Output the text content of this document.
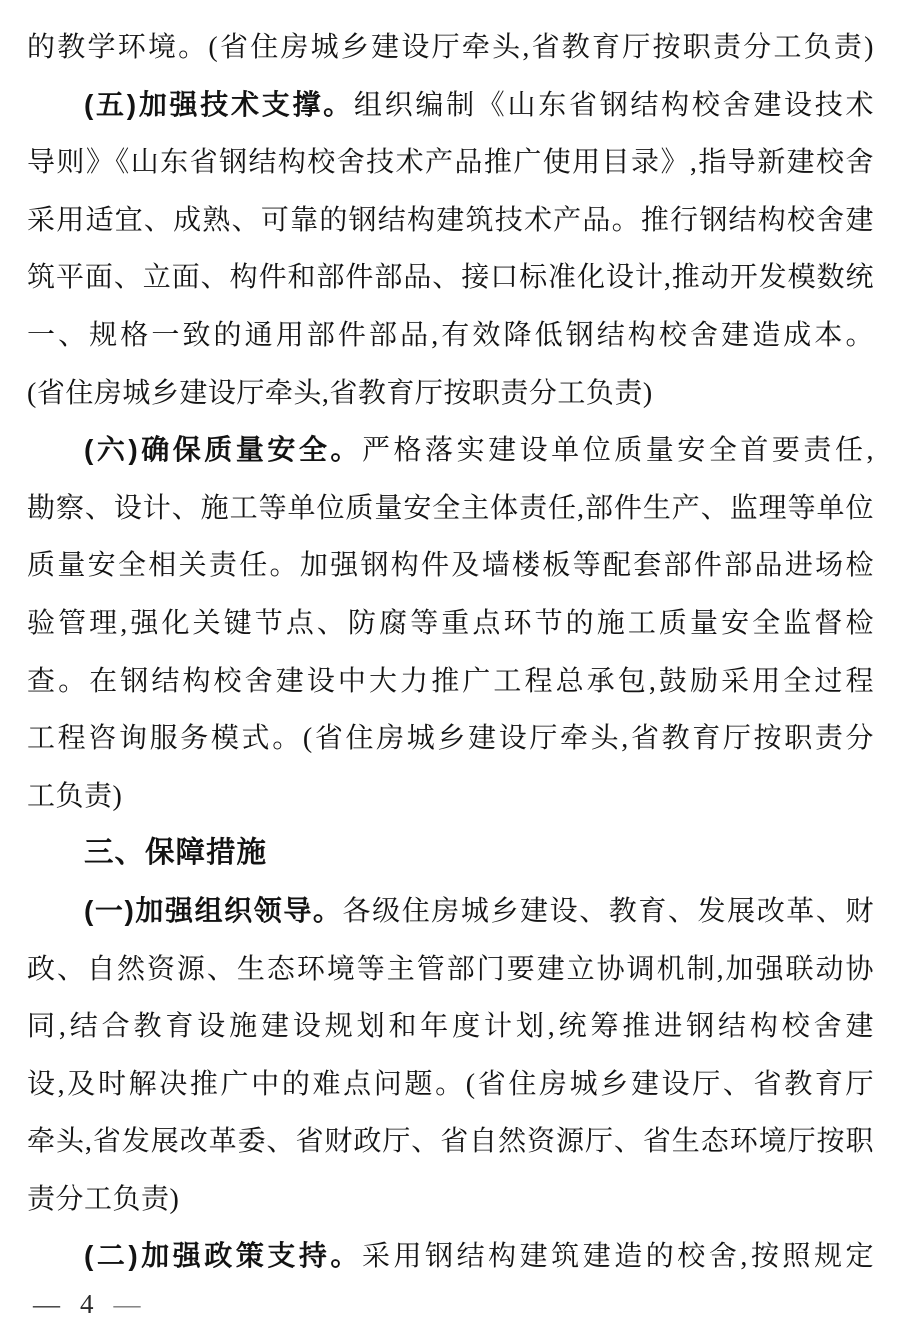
的教学环境。(省住房城乡建设厅牵头,省教育厅按职责分工负责)
(五)加强技术支撑。组织编制《山东省钢结构校舍建设技术
导则》《山东省钢结构校舍技术产品推广使用目录》,指导新建校舍
采用适宜、成熟、可靠的钢结构建筑技术产品。推行钢结构校舍建
筑平面、立面、构件和部件部品、接口标准化设计,推动开发模数统
一、规格一致的通用部件部品,有效降低钢结构校舍建造成本。
(省住房城乡建设厅牵头,省教育厅按职责分工负责)
(六)确保质量安全。严格落实建设单位质量安全首要责任,
勘察、设计、施工等单位质量安全主体责任,部件生产、监理等单位
质量安全相关责任。加强钢构件及墙楼板等配套部件部品进场检
验管理,强化关键节点、防腐等重点环节的施工质量安全监督检
查。在钢结构校舍建设中大力推广工程总承包,鼓励采用全过程
工程咨询服务模式。(省住房城乡建设厅牵头,省教育厅按职责分
工负责)
三、保障措施
(一)加强组织领导。各级住房城乡建设、教育、发展改革、财
政、自然资源、生态环境等主管部门要建立协调机制,加强联动协
同,结合教育设施建设规划和年度计划,统筹推进钢结构校舍建
设,及时解决推广中的难点问题。(省住房城乡建设厅、省教育厅
牵头,省发展改革委、省财政厅、省自然资源厅、省生态环境厅按职
责分工负责)
(二)加强政策支持。采用钢结构建筑建造的校舍,按照规定
— 4 —
